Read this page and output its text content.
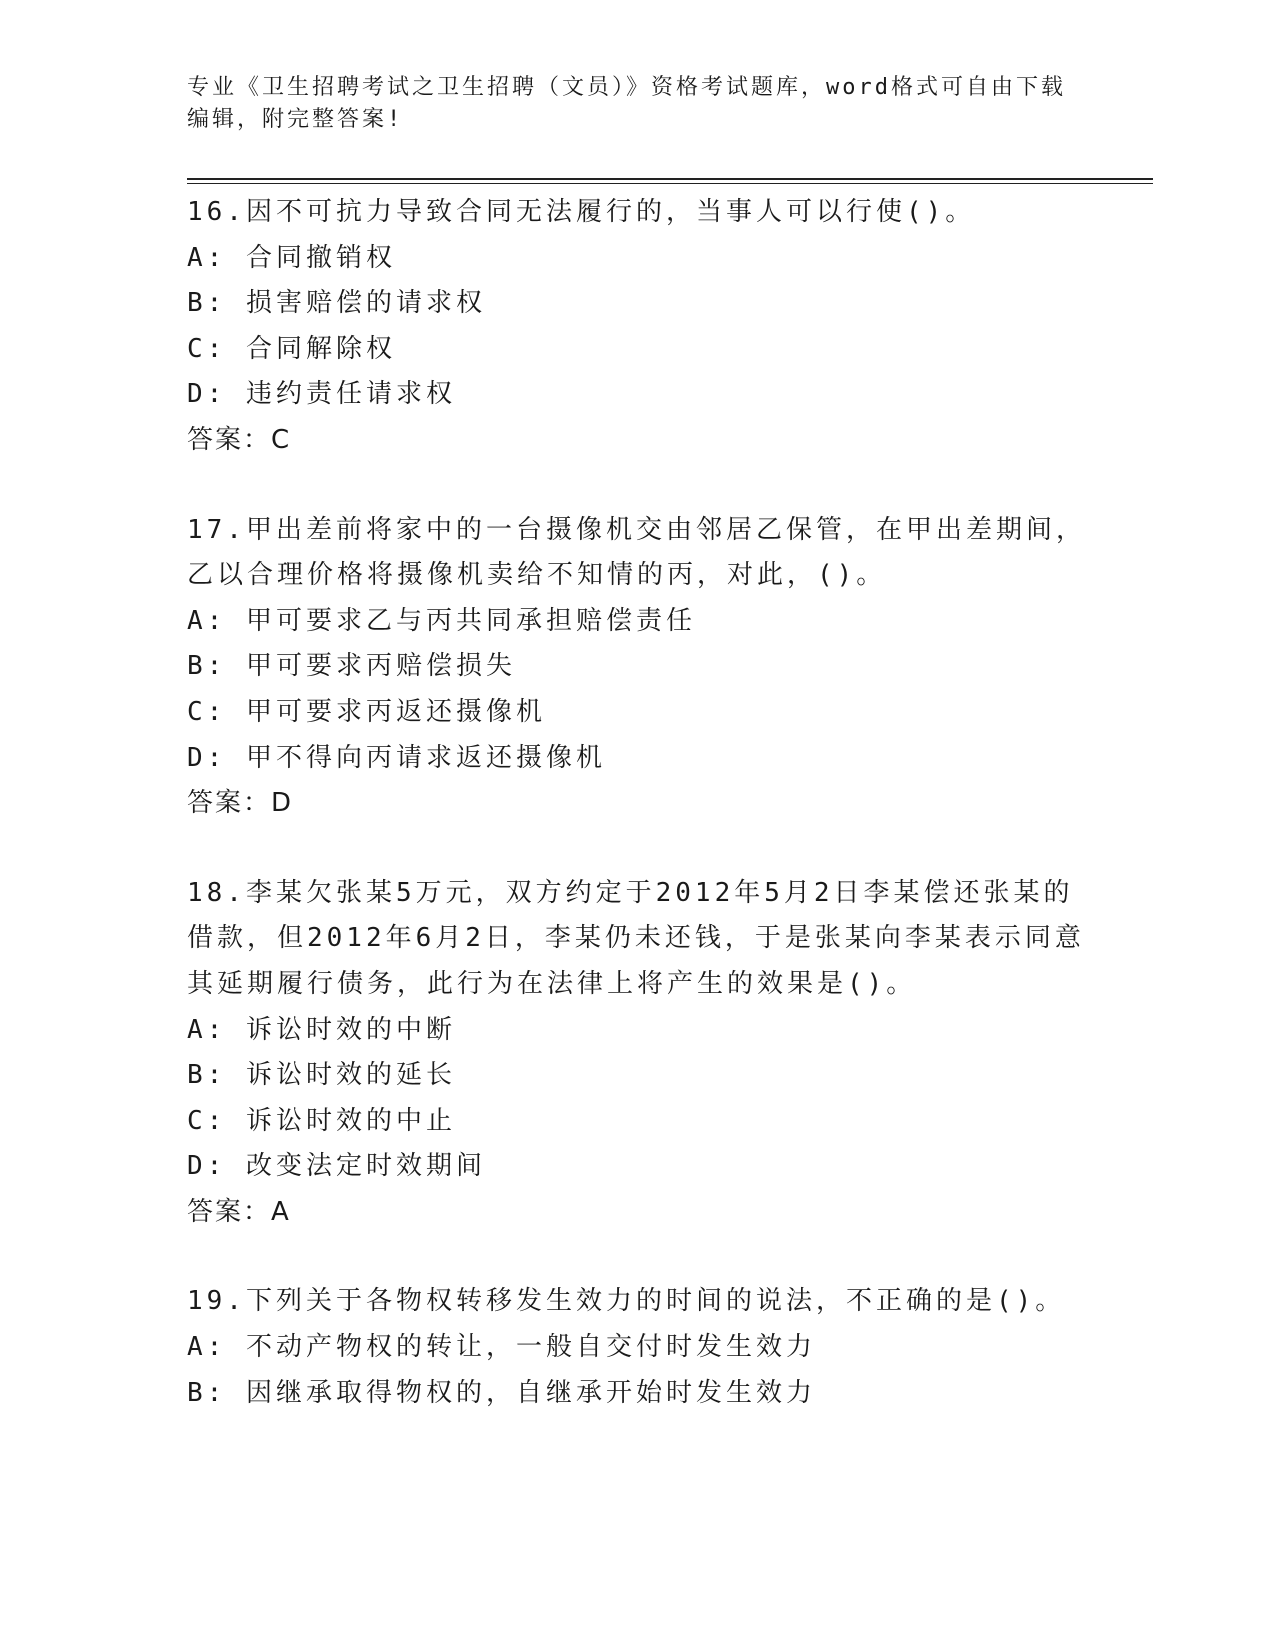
专业《卫生招聘考试之卫生招聘（文员）》资格考试题库，word格式可自由下载
编辑，附完整答案!
16.因不可抗力导致合同无法履行的，当事人可以行使()。
A: 合同撤销权
B: 损害赔偿的请求权
C: 合同解除权
D: 违约责任请求权
答案：C
17.甲出差前将家中的一台摄像机交由邻居乙保管，在甲出差期间，乙以合理价格将摄像机卖给不知情的丙，对此，()。
A: 甲可要求乙与丙共同承担赔偿责任
B: 甲可要求丙赔偿损失
C: 甲可要求丙返还摄像机
D: 甲不得向丙请求返还摄像机
答案：D
18.李某欠张某5万元，双方约定于2012年5月2日李某偿还张某的借款，但2012年6月2日，李某仍未还钱，于是张某向李某表示同意其延期履行债务，此行为在法律上将产生的效果是()。
A: 诉讼时效的中断
B: 诉讼时效的延长
C: 诉讼时效的中止
D: 改变法定时效期间
答案：A
19.下列关于各物权转移发生效力的时间的说法，不正确的是()。
A: 不动产物权的转让，一般自交付时发生效力
B: 因继承取得物权的，自继承开始时发生效力
